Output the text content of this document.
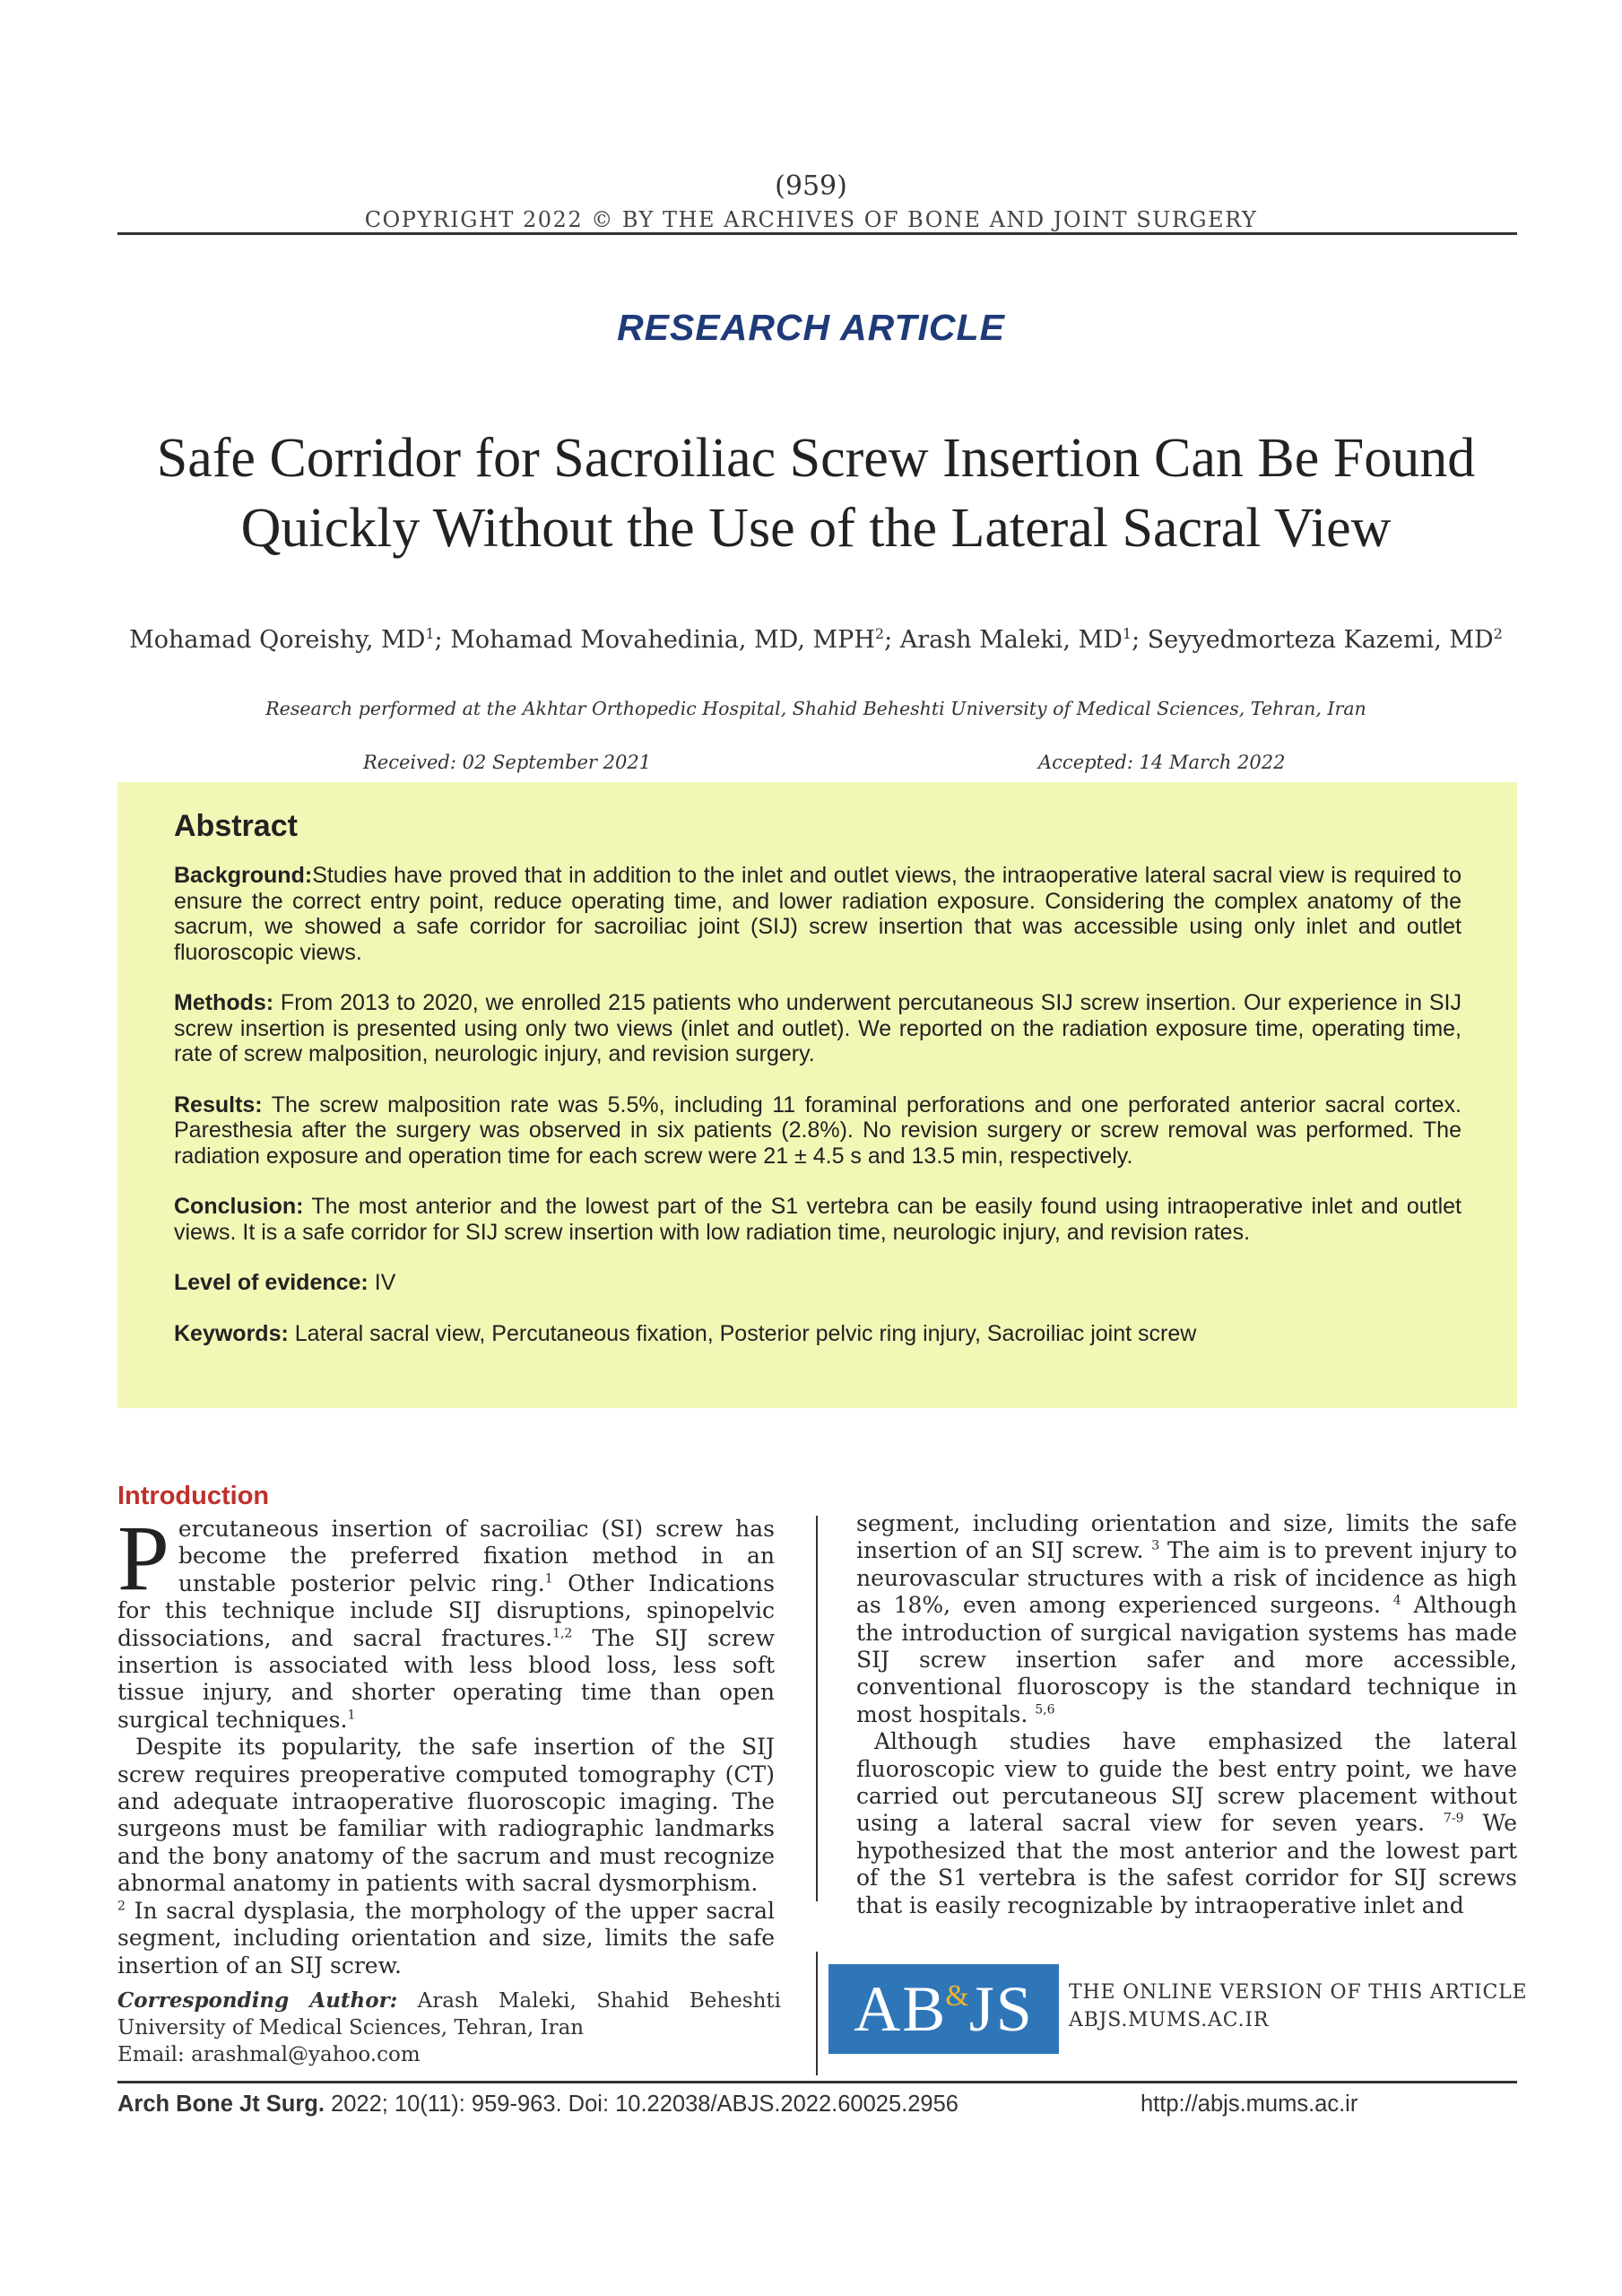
(959)
COPYRIGHT 2022 © BY THE ARCHIVES OF BONE AND JOINT SURGERY
RESEARCH ARTICLE
Safe Corridor for Sacroiliac Screw Insertion Can Be Found
Quickly Without the Use of the Lateral Sacral View
Mohamad Qoreishy, $MD^1$; Mohamad Movahedinia, MD, MPH$^2$; Arash Maleki, $MD^1$; Seyyedmorteza Kazemi, $MD^2$
Research performed at the Akhtar Orthopedic Hospital, Shahid Beheshti University of Medical Sciences, Tehran, Iran
Received: 02 September 2021	Accepted: 14 March 2022
Abstract

Background:Studies have proved that in addition to the inlet and outlet views, the intraoperative lateral sacral view is required to ensure the correct entry point, reduce operating time, and lower radiation exposure. Considering the complex anatomy of the sacrum, we showed a safe corridor for sacroiliac joint (SIJ) screw insertion that was accessible using only inlet and outlet fluoroscopic views.

Methods: From 2013 to 2020, we enrolled 215 patients who underwent percutaneous SIJ screw insertion. Our experience in SIJ screw insertion is presented using only two views (inlet and outlet). We reported on the radiation exposure time, operating time, rate of screw malposition, neurologic injury, and revision surgery.

Results: The screw malposition rate was 5.5%, including 11 foraminal perforations and one perforated anterior sacral cortex. Paresthesia after the surgery was observed in six patients (2.8%). No revision surgery or screw removal was performed. The radiation exposure and operation time for each screw were 21 ± 4.5 s and 13.5 min, respectively.

Conclusion: The most anterior and the lowest part of the S1 vertebra can be easily found using intraoperative inlet and outlet views. It is a safe corridor for SIJ screw insertion with low radiation time, neurologic injury, and revision rates.

Level of evidence: IV

Keywords: Lateral sacral view, Percutaneous fixation, Posterior pelvic ring injury, Sacroiliac joint screw

Introduction

Percutaneous insertion of sacroiliac (SI) screw has become the preferred fixation method in an unstable posterior pelvic ring.$^1$ Other Indications for this technique include SIJ disruptions, spinopelvic dissociations, and sacral fractures.$^{1,2}$ The SIJ screw insertion is associated with less blood loss, less soft tissue injury, and shorter operating time than open surgical techniques.$^1$

Despite its popularity, the safe insertion of the SIJ screw requires preoperative computed tomography (CT) and adequate intraoperative fluoroscopic imaging. The surgeons must be familiar with radiographic landmarks and the bony anatomy of the sacrum and must recognize abnormal anatomy in patients with sacral dysmorphism.
$^2$ In sacral dysplasia, the morphology of the upper sacral segment, including orientation and size, limits the safe insertion of an SIJ screw.

segment, including orientation and size, limits the safe insertion of an SIJ screw. $^3$ The aim is to prevent injury to neurovascular structures with a risk of incidence as high as 18%, even among experienced surgeons. $^4$ Although the introduction of surgical navigation systems has made SIJ screw insertion safer and more accessible, conventional fluoroscopy is the standard technique in most hospitals. $^{5,6}$

Although studies have emphasized the lateral fluoroscopic view to guide the best entry point, we have carried out percutaneous SIJ screw placement without using a lateral sacral view for seven years. $^{7-9}$ We hypothesized that the most anterior and the lowest part of the S1 vertebra is the safest corridor for SIJ screws that is easily recognizable by intraoperative inlet and

Corresponding Author: Arash Maleki, Shahid Beheshti University of Medical Sciences, Tehran, Iran
Email: arashmal@yahoo.com
AB
&
JS THE ONLINE VERSION OF THIS ARTICLE
ABJS.MUMS.AC.IR
Arch Bone Jt Surg. 2022; 10(11): 959-963. Doi: 10.22038/ABJS.2022.60025.2956	http://abjs.mums.ac.ir
